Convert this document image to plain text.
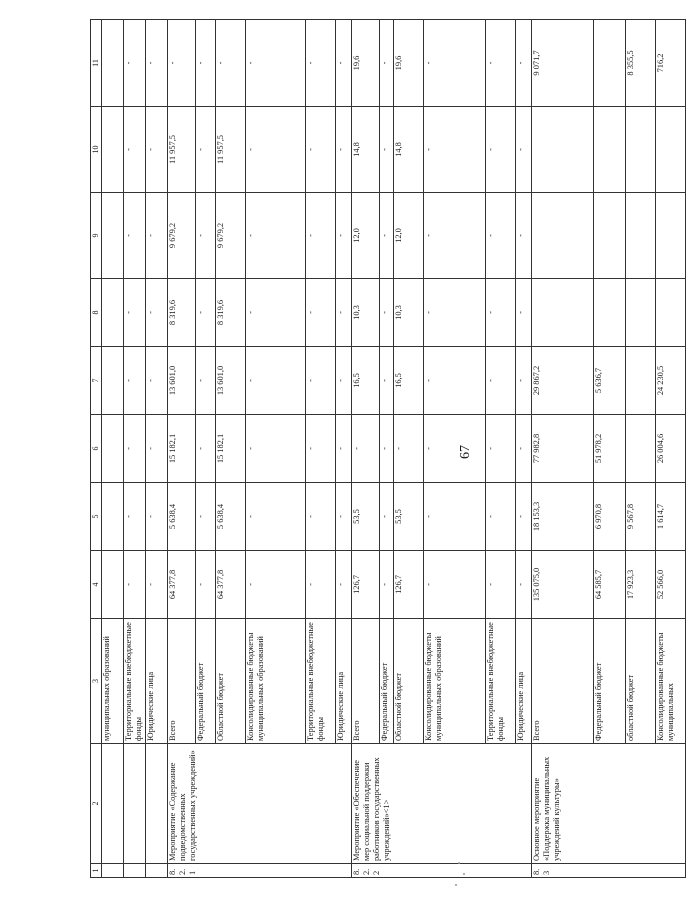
67
1	2	3	4	5	6	7	8	9	10	11
		муниципальных образований								
		Территориальные внебюджетные фонды	-	-	-	-	-	-	-	-
		Юридические лица	-	-	-	-	-	-	-	-
8.2.1	Мероприятие «Содержание подведомственных государственных учреждений»	Всего	64 377,8	5 638,4	15 182,1	13 601,0	8 319,6	9 679,2	11 957,5	-
		Федеральный бюджет	-	-	-	-	-	-	-	-
		Областной бюджет	64 377,8	5 638,4	15 182,1	13 601,0	8 319,6	9 679,2	11 957,5	-
		Консолидированные бюджеты муниципальных образований	-	-	-	-	-	-	-	-
		Территориальные внебюджетные фонды	-	-	-	-	-	-	-	-
		Юридические лица	-	-	-	-	-	-	-	-
8.2.2	Мероприятие «Обеспечение мер социальной поддержки работников государственных учреждений»<1>	Всего	126,7	53,5	-	16,5	10,3	12,0	14,8	19,6
		Федеральный бюджет	-	-	-	-	-	-	-	-
		Областной бюджет	126,7	53,5	-	16,5	10,3	12,0	14,8	19,6
		Консолидированные бюджеты муниципальных образований	-	-	-	-	-	-	-	-
		Территориальные внебюджетные фонды	-	-	-	-	-	-	-	-
		Юридические лица	-	-	-	-	-	-	-	-
8.3	Основное мероприятие «Поддержка муниципальных учреждений культуры»	Всего	135 075,0	18 153,3	77 982,8	29 867,2				9 071,7
		Федеральный бюджет	64 585,7	6 970,8	51 978,2	5 636,7				
		областной бюджет	17 923,3	9 567,8						8 355,5
		Консолидированные бюджеты муниципальных	52 566,0	1 614,7	26 004,6	24 230,5				716,2
